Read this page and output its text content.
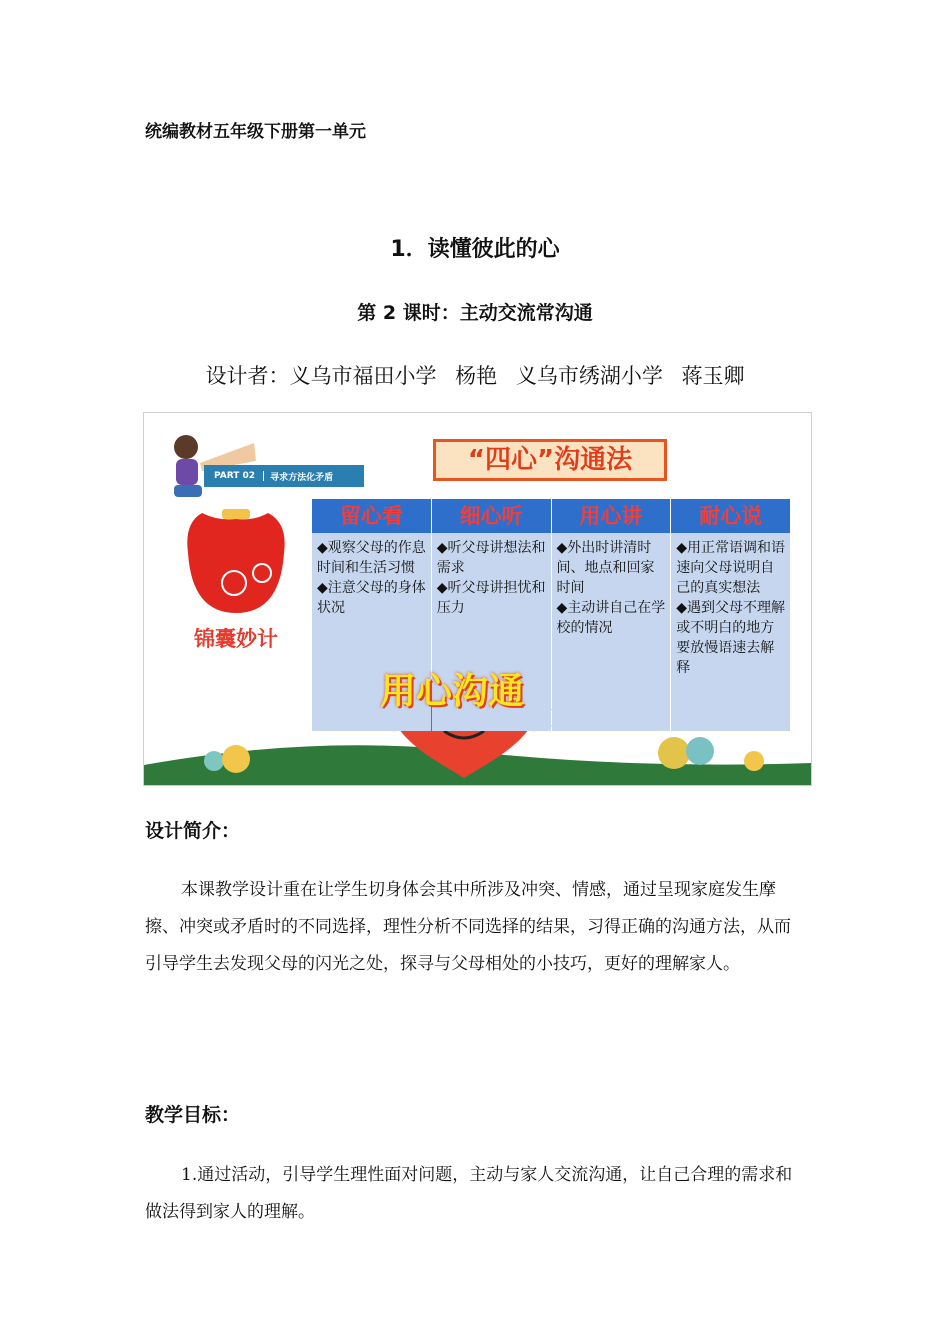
统编教材五年级下册第一单元
1．读懂彼此的心
第 2 课时：主动交流常沟通
设计者：义乌市福田小学 杨艳 义乌市绣湖小学 蒋玉卿
PART 02	寻求方法化矛盾
“四心”沟通法
留心看
◆观察父母的作息时间和生活习惯
◆注意父母的身体状况
细心听
◆听父母讲想法和需求
◆听父母讲担忧和压力
用心讲
◆外出时讲清时间、地点和回家时间
◆主动讲自己在学校的情况
耐心说
◆用正常语调和语速向父母说明自己的真实想法
◆遇到父母不理解或不明白的地方要放慢语速去解释
锦囊妙计
用心沟通
设计简介：
本课教学设计重在让学生切身体会其中所涉及冲突、情感，通过呈现家庭发生摩擦、冲突或矛盾时的不同选择，理性分析不同选择的结果，习得正确的沟通方法，从而引导学生去发现父母的闪光之处，探寻与父母相处的小技巧，更好的理解家人。
教学目标：
1.通过活动，引导学生理性面对问题，主动与家人交流沟通，让自己合理的需求和做法得到家人的理解。
